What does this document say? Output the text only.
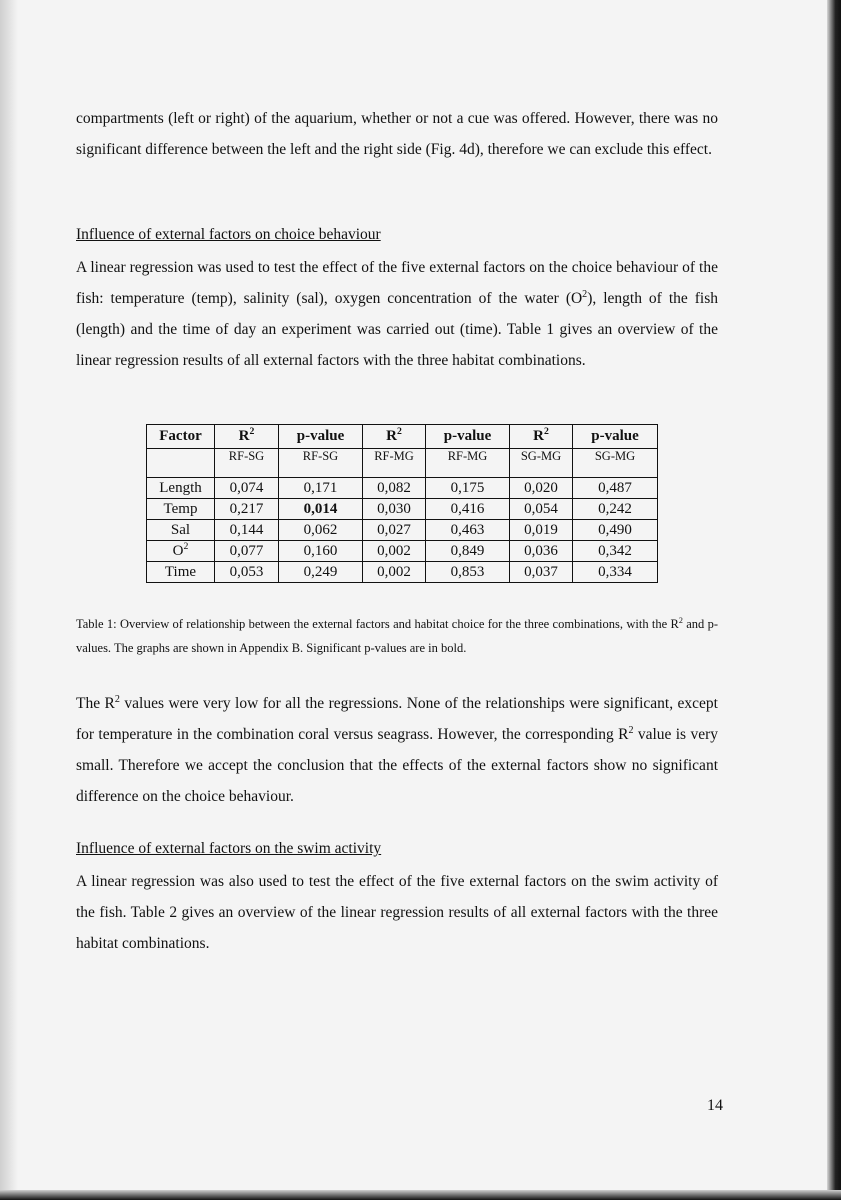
compartments (left or right) of the aquarium, whether or not a cue was offered. However, there was no significant difference between the left and the right side (Fig. 4d), therefore we can exclude this effect.

Influence of external factors on choice behaviour

A linear regression was used to test the effect of the five external factors on the choice behaviour of the fish: temperature (temp), salinity (sal), oxygen concentration of the water $(O^2)$, length of the fish (length) and the time of day an experiment was carried out (time). Table 1 gives an overview of the linear regression results of all external factors with the three habitat combinations.

Factor	$R^2$	p-value	$R^2$	p-value	$R^2$	p-value
	RF-SG	RF-SG	RF-MG	RF-MG	SG-MG	SG-MG
Length	0,074	0,171	0,082	0,175	0,020	0,487
Temp	0,217	0,014	0,030	0,416	0,054	0,242
Sal	0,144	0,062	0,027	0,463	0,019	0,490
$O^2$	0,077	0,160	0,002	0,849	0,036	0,342
Time	0,053	0,249	0,002	0,853	0,037	0,334

Table 1: Overview of relationship between the external factors and habitat choice for the three combinations, with the $R^2$ and p-values. The graphs are shown in Appendix B. Significant p-values are in bold.

The $R^2$ values were very low for all the regressions. None of the relationships were significant, except for temperature in the combination coral versus seagrass. However, the corresponding $R^2$ value is very small. Therefore we accept the conclusion that the effects of the external factors show no significant difference on the choice behaviour.

Influence of external factors on the swim activity

A linear regression was also used to test the effect of the five external factors on the swim activity of the fish. Table 2 gives an overview of the linear regression results of all external factors with the three habitat combinations.

14
